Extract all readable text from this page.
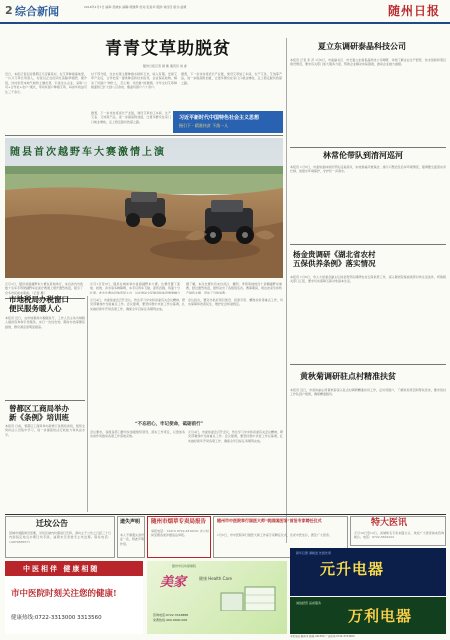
2 综合新闻	2016年1月7日 编审:吴晓东 编辑:周继辉 校对:张爱华 照排:刘佳佳 版式:赵靖	随州日报
青青艾草助脱贫
随州日报记者 颜 臻 通讯员 刘 睿
近日，本报记者走进曾都区万店镇某村，在艾草种植基地里，一片片艾草长势喜人，村民们正在田间忙着除草施肥。据介绍，该村依托本地气候和土壤优势，引进龙头企业，采取“公司+合作社+农户”模式，带动贫困户种植艾草，每亩年收益可达三千余元。
村干部介绍，过去村里主要种植水稻和玉米，收入有限。发展艾草产业后，合作社统一提供种苗和技术指导，企业保底收购，解决了贫困户“种什么、怎么种、卖给谁”的难题。今年全村艾草种植面积已扩大到八百余亩，覆盖贫困户六十余户。
据悉，下一步该村将延长产业链，建设艾草加工车间，生产艾条、艾绒等产品，进一步提高附加值，让更多群众在家门口就业增收，走上稳定脱贫致富之路。
据悉，下一步该村将延长产业链，建设艾草加工车间，生产艾条、艾绒等产品，进一步提高附加值，让更多群众在家门口就业增收，走上稳定脱贫致富之路。
习近平新时代中国特色社会主义思想
指引下 · 精准扶贫 不落一人
随县首次越野车大赛激情上演
夏立东调研泰晶科技公司
本报讯 记者 李 莎 1月6日，市委副书记、市长夏立东到泰晶科技公司调研，详细了解企业生产经营、技术创新和项目建设情况，要求有关部门加大服务力度，帮助企业解决实际困难，推动企业做大做强。
林常伦带队到淯河巡河
本报讯 1月5日，市委常委林常伦带队巡查淯河，实地察看河道保洁、排污口整治及沿岸环境情况，强调要全面落实河长制，加强水环境保护，守护好一河清水。
杨金贵调研《湖北省农村
五保供养条例》落实情况
本报讯 1月6日，市人大常委会副主任杨金贵带队调研农村五保供养工作，深入敬老院察看供养对象生活条件，听取相关部门汇报，要求切实保障五保对象基本生活。
黄秋菊调研驻点村精准扶贫
本报讯 近日，市政协副主席黄秋菊深入驻点村调研精准扶贫工作，走访贫困户，了解致贫原因和帮扶需求，要求驻村工作队因户施策，确保精准脱贫。
元月1日，随县首届越野车大赛在某地举行，来自省内外的数十名车手驾驶越野车在泥泞赛道上展开激烈角逐，吸引了众多市民前来观看。（记者 摄）
元月1日至3日，随县在城郊举办首届越野车大赛。比赛设置了泥地、爬坡、涉水等多种障碍，车手们驾车飞驰，泥浆四溅，场面十分壮观。此次比赛由县体育局主办，旨在推动全民健身和体育旅游融合
据了解，本次比赛共有来自武汉、襄阳、孝感等地的四十余辆越野车参赛，经过激烈角逐，最终决出了各组别名次。赛事期间，周边农家乐和特产销售火爆，带动了当地消费。
市地税局办税窗口
便民服务暖人心
本报讯 近日，在市地税局办税服务厅，工作人员主动为纳税人提供咨询和引导服务，实行一次性告知、限时办结等便民措施，群众满意度明显提高。
曾都区工商局举办
新《条例》培训班
本报讯 日前，曾都区工商局举办新修订条例培训班，组织全局执法人员集中学习，进一步提高依法行政能力和执法水平。
元月4日，市委常委会召开会议，传达学习中央和省委有关会议精神，研究部署我市当前重点工作。会议强调，要坚持稳中求进工作总基调，扎实做好新年开局各项工作，确保全年目标任务顺利完成。
会议指出，要突出抓好项目建设、招商引资、精准扶贫等重点工作，切实保障和改善民生，维护社会和谐稳定。
“不忘初心，牢记使命，砥砺前行”
会议要求，各级各部门要切实加强组织领导，落实工作责任，以更加务实的作风推动各项工作落地见效。
元月4日，市委常委会召开会议，传达学习中央和省委有关会议精神，研究部署我市当前重点工作。会议强调，要坚持稳中求进工作总基调，扎实做好新年开局各项工作，确保全年目标任务顺利完成。
迁坟公告
因城市道路建设需要，对该区域内坟墓进行迁移，请坟主于公告之日起三十日内到指定地点办理迁坟手续，逾期未迁者按无主坟处理。联系电话：13972865571
遗失声明
本人不慎遗失身份证一张，特此声明作废。
随州市烟草专卖局报告
举报电话：12313 0722-3310231 办公时间受理各类涉烟违法举报。
随州市中医院举行国医大师“桃园国医馆”首批专家聘任仪式
1月5日，市中医院举行国医大师工作室专家聘任仪式，名老中医坐诊，惠及广大患者。
特大医讯
元月10日至12日，省城知名专家来随义诊，欢迎广大患者前来咨询就诊。电话：0722-3302222
中医相伴 健康相随
市中医院时刻关注您的健康!
健康热线:0722-3313000 3313560
随州市妇幼保健院
美家	健康 Health Care
咨询电话:0722-3316888
免费热线:400-0000-000
新年巨惠 满就送 先到先得
元升电器
诚信经营 品质服务
万利电器
本报地址:随州市 邮编:441300 广告热线:0722-3313000
